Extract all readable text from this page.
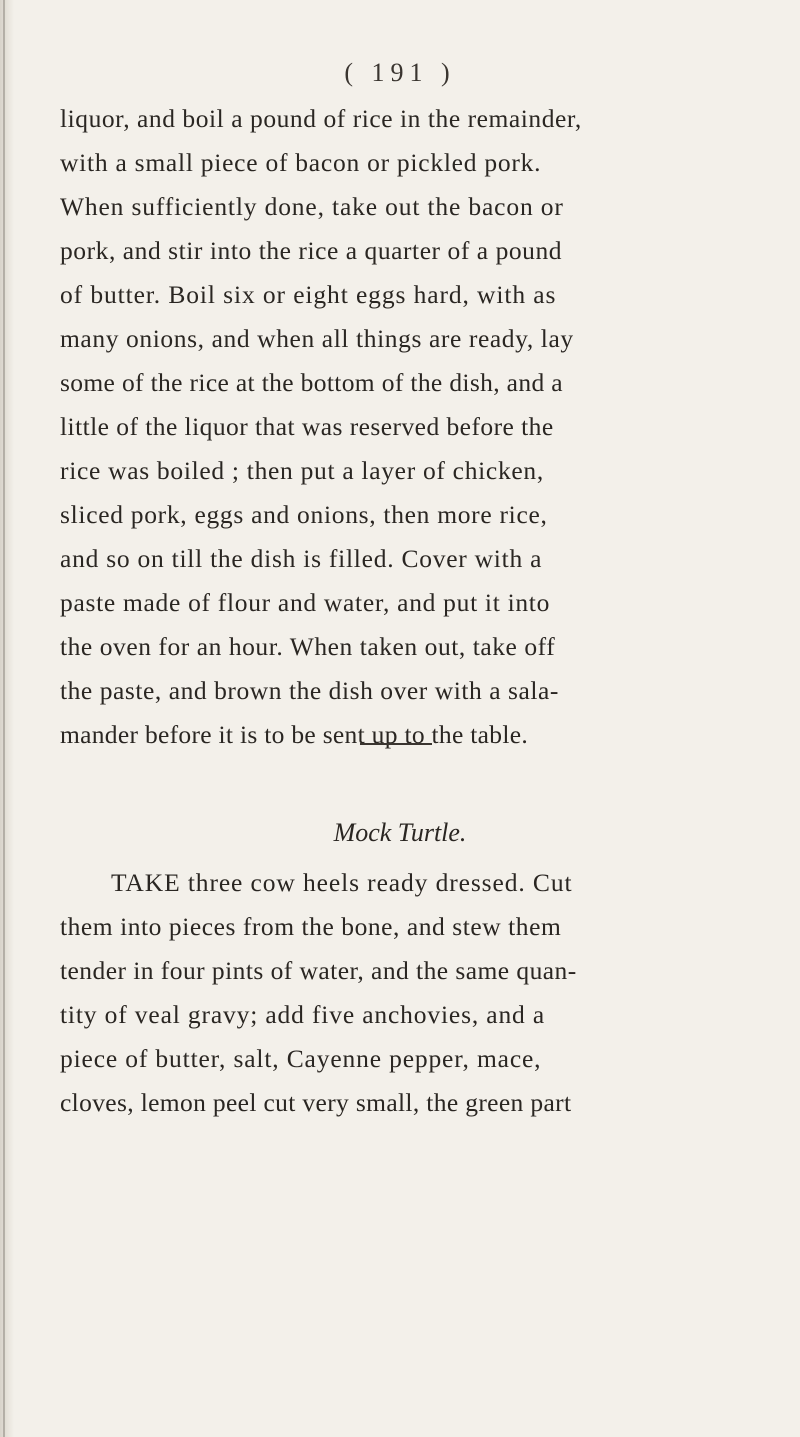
( 191 )
liquor, and boil a pound of rice in the remainder,
with a small piece of bacon or pickled pork.
When sufficiently done, take out the bacon or
pork, and stir into the rice a quarter of a pound
of butter. Boil six or eight eggs hard, with as
many onions, and when all things are ready, lay
some of the rice at the bottom of the dish, and a
little of the liquor that was reserved before the
rice was boiled ; then put a layer of chicken,
sliced pork, eggs and onions, then more rice,
and so on till the dish is filled. Cover with a
paste made of flour and water, and put it into
the oven for an hour. When taken out, take off
the paste, and brown the dish over with a sala-
mander before it is to be sent up to the table.
Mock Turtle.
TAKE three cow heels ready dressed. Cut
them into pieces from the bone, and stew them
tender in four pints of water, and the same quan-
tity of veal gravy; add five anchovies, and a
piece of butter, salt, Cayenne pepper, mace,
cloves, lemon peel cut very small, the green part
